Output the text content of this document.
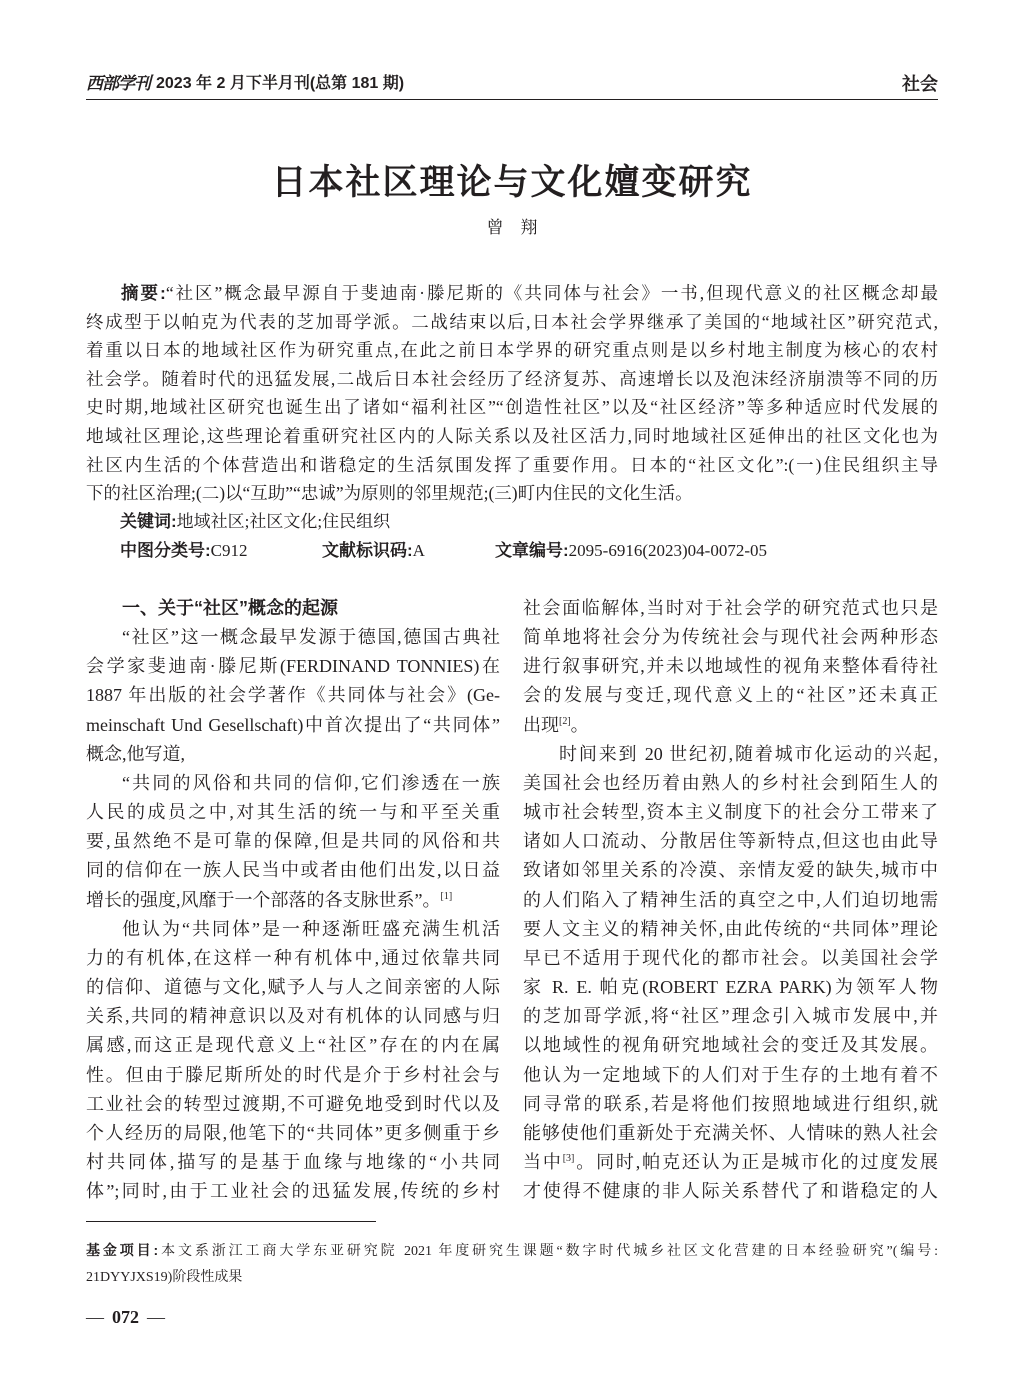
西部学刊 2023 年 2 月下半月刊(总第 181 期)	社会
日本社区理论与文化嬗变研究
曾　翔
摘要:“社区”概念最早源自于斐迪南·滕尼斯的《共同体与社会》一书,但现代意义的社区概念却最
终成型于以帕克为代表的芝加哥学派。二战结束以后,日本社会学界继承了美国的“地域社区”研究范式,
着重以日本的地域社区作为研究重点,在此之前日本学界的研究重点则是以乡村地主制度为核心的农村
社会学。随着时代的迅猛发展,二战后日本社会经历了经济复苏、高速增长以及泡沫经济崩溃等不同的历
史时期,地域社区研究也诞生出了诸如“福利社区”“创造性社区”以及“社区经济”等多种适应时代发展的
地域社区理论,这些理论着重研究社区内的人际关系以及社区活力,同时地域社区延伸出的社区文化也为
社区内生活的个体营造出和谐稳定的生活氛围发挥了重要作用。日本的“社区文化”:(一)住民组织主导
下的社区治理;(二)以“互助”“忠诚”为原则的邻里规范;(三)町内住民的文化生活。
关键词:地域社区;社区文化;住民组织
中图分类号:C912	文献标识码:A	文章编号:2095-6916(2023)04-0072-05
一、关于“社区”概念的起源
“社区”这一概念最早发源于德国,德国古典社
会学家斐迪南·滕尼斯(FERDINAND TONNIES)在
1887 年出版的社会学著作《共同体与社会》(Ge-
meinschaft Und Gesellschaft)中首次提出了“共同体”
概念,他写道,
“共同的风俗和共同的信仰,它们渗透在一族
人民的成员之中,对其生活的统一与和平至关重
要,虽然绝不是可靠的保障,但是共同的风俗和共
同的信仰在一族人民当中或者由他们出发,以日益
增长的强度,风靡于一个部落的各支脉世系”。[1]
他认为“共同体”是一种逐渐旺盛充满生机活
力的有机体,在这样一种有机体中,通过依靠共同
的信仰、道德与文化,赋予人与人之间亲密的人际
关系,共同的精神意识以及对有机体的认同感与归
属感,而这正是现代意义上“社区”存在的内在属
性。但由于滕尼斯所处的时代是介于乡村社会与
工业社会的转型过渡期,不可避免地受到时代以及
个人经历的局限,他笔下的“共同体”更多侧重于乡
村共同体,描写的是基于血缘与地缘的“小共同
体”;同时,由于工业社会的迅猛发展,传统的乡村
社会面临解体,当时对于社会学的研究范式也只是
简单地将社会分为传统社会与现代社会两种形态
进行叙事研究,并未以地域性的视角来整体看待社
会的发展与变迁,现代意义上的“社区”还未真正
出现[2]。
时间来到 20 世纪初,随着城市化运动的兴起,
美国社会也经历着由熟人的乡村社会到陌生人的
城市社会转型,资本主义制度下的社会分工带来了
诸如人口流动、分散居住等新特点,但这也由此导
致诸如邻里关系的冷漠、亲情友爱的缺失,城市中
的人们陷入了精神生活的真空之中,人们迫切地需
要人文主义的精神关怀,由此传统的“共同体”理论
早已不适用于现代化的都市社会。以美国社会学
家 R. E. 帕克(ROBERT EZRA PARK)为领军人物
的芝加哥学派,将“社区”理念引入城市发展中,并
以地域性的视角研究地域社会的变迁及其发展。
他认为一定地域下的人们对于生存的土地有着不
同寻常的联系,若是将他们按照地域进行组织,就
能够使他们重新处于充满关怀、人情味的熟人社会
当中[3]。同时,帕克还认为正是城市化的过度发展
才使得不健康的非人际关系替代了和谐稳定的人
基金项目:本文系浙江工商大学东亚研究院 2021 年度研究生课题“数字时代城乡社区文化营建的日本经验研究”(编号:
21DYYJXS19)阶段性成果
— 072 —
